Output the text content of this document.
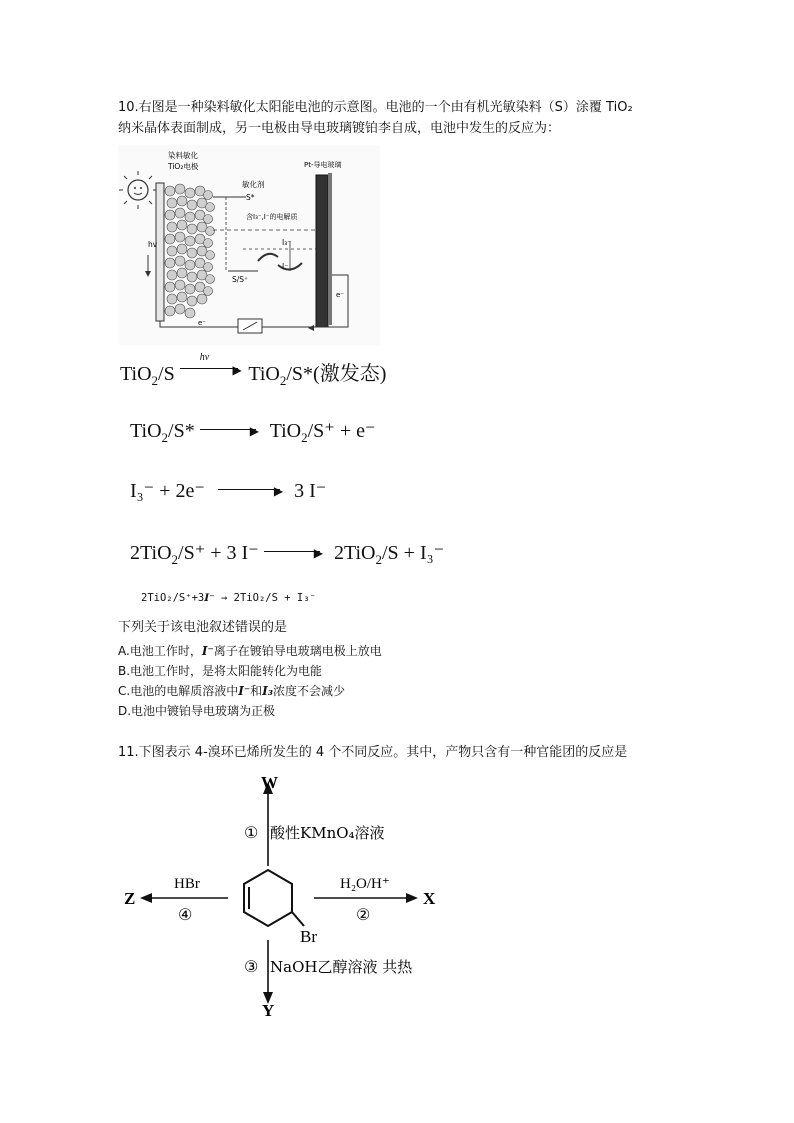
10.右图是一种染料敏化太阳能电池的示意图。电池的一个由有机光敏染料（S）涂覆 TiO₂
纳米晶体表面制成，另一电极由导电玻璃镀铂李自成，电池中发生的反应为：
染料敏化
TiO₂电极	Pt-导电玻璃
敏化剂
S*
含I₃⁻,I⁻的电解质
hv
S/S⁺
I₃⁻
I⁻
e⁻
e⁻
TiO$_2$/S
hv
▶ TiO$_2$/S*(激发态)
TiO$_2$/S*	▶ TiO$_2$/S⁺ + e⁻
I₃⁻ + 2e⁻	▶ 3 I⁻
2TiO$_2$/S⁺ + 3 I⁻	▶ 2TiO$_2$/S + I₃⁻
2TiO₂/S⁺+3I⁻ → 2TiO₂/S + I₃⁻
下列关于该电池叙述错误的是
A.电池工作时，I⁻离子在镀铂导电玻璃电极上放电
B.电池工作时，是将太阳能转化为电能
C.电池的电解质溶液中I⁻和I₃浓度不会减少
D.电池中镀铂导电玻璃为正极
11.下图表示 4-溴环已烯所发生的 4 个不同反应。其中，产物只含有一种官能团的反应是
Br
W
X
Y
Z
① 酸性KMnO₄溶液
H₂O/H⁺
②
③ NaOH乙醇溶液 共热
HBr
④
